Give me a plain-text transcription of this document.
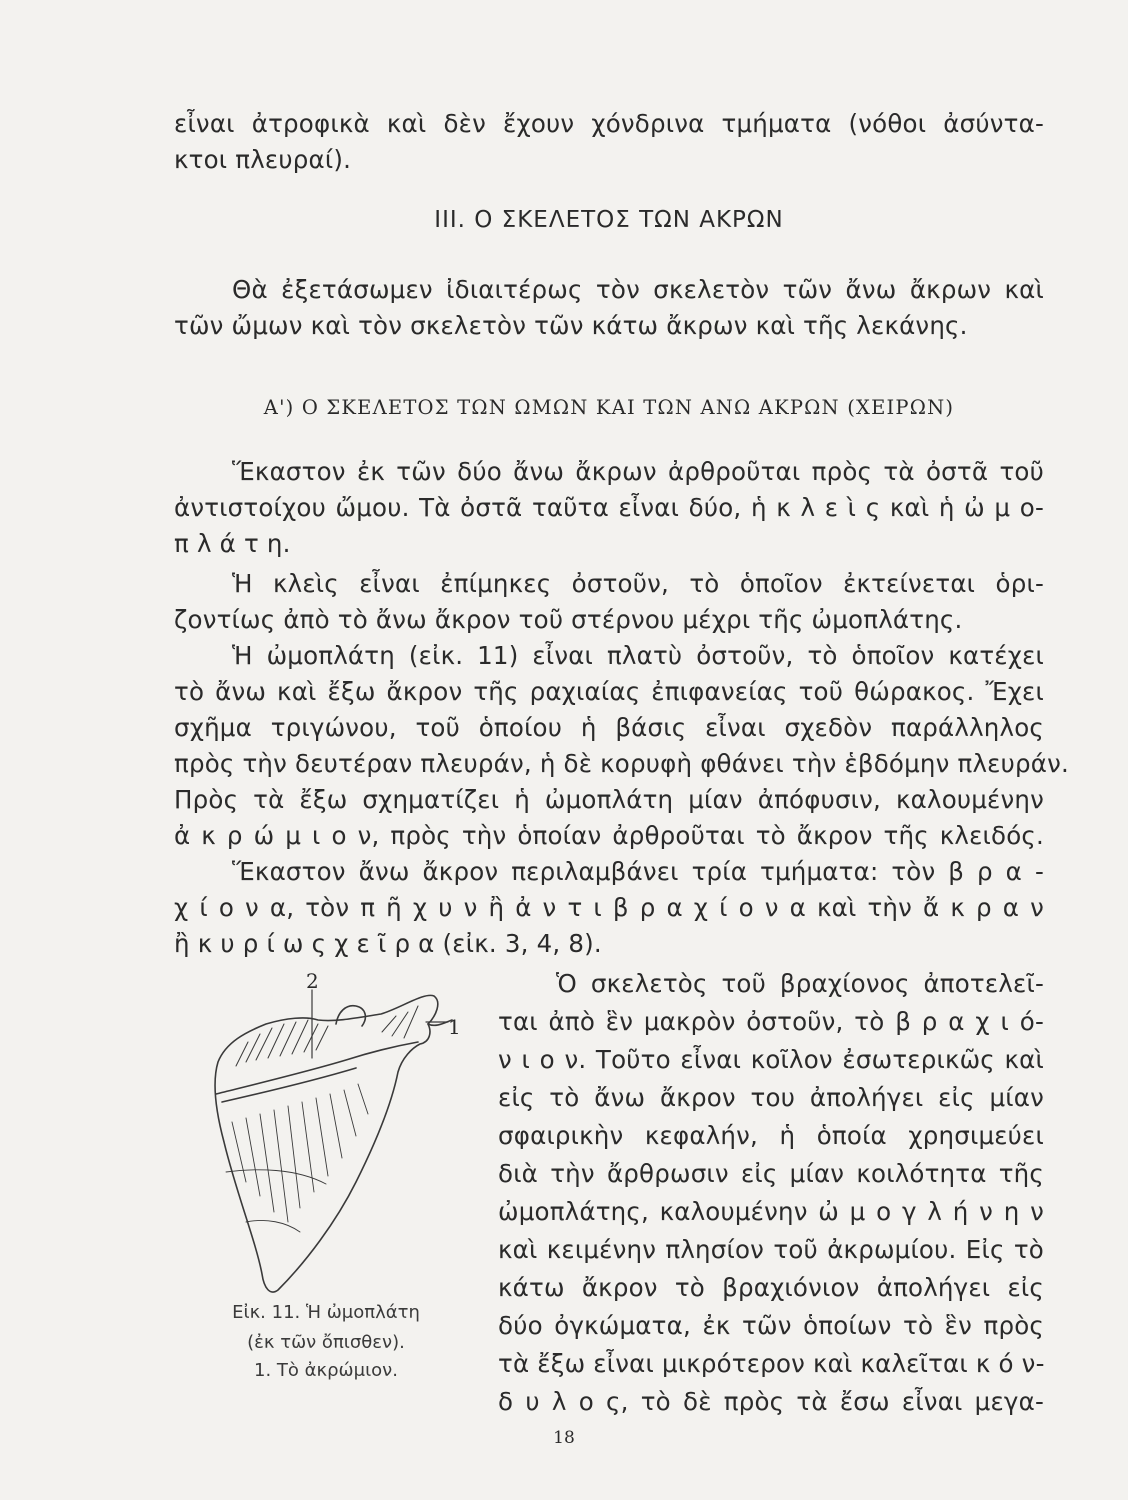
εἶναι ἀτροφικὰ καὶ δὲν ἔχουν χόνδρινα τμήματα (νόθοι ἀσύντα-
κτοι πλευραί).
III. Ο ΣΚΕΛΕΤΟΣ ΤΩΝ ΑΚΡΩΝ
Θὰ ἐξετάσωμεν ἰδιαιτέρως τὸν σκελετὸν τῶν ἄνω ἄκρων καὶ
τῶν ὤμων καὶ τὸν σκελετὸν τῶν κάτω ἄκρων καὶ τῆς λεκάνης.
Α') Ο ΣΚΕΛΕΤΟΣ ΤΩΝ ΩΜΩΝ ΚΑΙ ΤΩΝ ΑΝΩ ΑΚΡΩΝ (ΧΕΙΡΩΝ)
Ἕκαστον ἐκ τῶν δύο ἄνω ἄκρων ἀρθροῦται πρὸς τὰ ὀστᾶ τοῦ
ἀντιστοίχου ὤμου. Τὰ ὀστᾶ ταῦτα εἶναι δύο, ἡ κ λ ε ὶ ς καὶ ἡ ὠ μ ο-
π λ ά τ η.
Ἡ κλεὶς εἶναι ἐπίμηκες ὀστοῦν, τὸ ὁποῖον ἐκτείνεται ὁρι-
ζοντίως ἀπὸ τὸ ἄνω ἄκρον τοῦ στέρνου μέχρι τῆς ὠμοπλάτης.
Ἡ ὠμοπλάτη (εἰκ. 11) εἶναι πλατὺ ὀστοῦν, τὸ ὁποῖον κατέχει
τὸ ἄνω καὶ ἔξω ἄκρον τῆς ραχιαίας ἐπιφανείας τοῦ θώρακος. Ἔχει
σχῆμα τριγώνου, τοῦ ὁποίου ἡ βάσις εἶναι σχεδὸν παράλληλος
πρὸς τὴν δευτέραν πλευράν, ἡ δὲ κορυφὴ φθάνει τὴν ἑβδόμην πλευράν.
Πρὸς τὰ ἔξω σχηματίζει ἡ ὠμοπλάτη μίαν ἀπόφυσιν, καλουμένην
ἀ κ ρ ώ μ ι ο ν, πρὸς τὴν ὁποίαν ἀρθροῦται τὸ ἄκρον τῆς κλειδός.
Ἕκαστον ἄνω ἄκρον περιλαμβάνει τρία τμήματα: τὸν β ρ α -
χ ί ο ν α, τὸν π ῆ χ υ ν ἢ ἀ ν τ ι β ρ α χ ί ο ν α καὶ τὴν ἄ κ ρ α ν
ἢ κ υ ρ ί ω ς χ ε ῖ ρ α (εἰκ. 3, 4, 8).
2
1
Εἰκ. 11. Ἡ ὠμοπλάτη
(ἐκ τῶν ὄπισθεν).
1. Τὸ ἀκρώμιον.
Ὁ σκελετὸς τοῦ βραχίονος ἀποτελεῖ-
ται ἀπὸ ἓν μακρὸν ὀστοῦν, τὸ β ρ α χ ι ό-
ν ι ο ν. Τοῦτο εἶναι κοῖλον ἐσωτερικῶς καὶ
εἰς τὸ ἄνω ἄκρον του ἀπολήγει εἰς μίαν
σφαιρικὴν κεφαλήν, ἡ ὁποία χρησιμεύει
διὰ τὴν ἄρθρωσιν εἰς μίαν κοιλότητα τῆς
ὠμοπλάτης, καλουμένην ὠ μ ο γ λ ή ν η ν
καὶ κειμένην πλησίον τοῦ ἀκρωμίου. Εἰς τὸ
κάτω ἄκρον τὸ βραχιόνιον ἀπολήγει εἰς
δύο ὀγκώματα, ἐκ τῶν ὁποίων τὸ ἓν πρὸς
τὰ ἔξω εἶναι μικρότερον καὶ καλεῖται κ ό ν-
δ υ λ ο ς, τὸ δὲ πρὸς τὰ ἔσω εἶναι μεγα-
18
